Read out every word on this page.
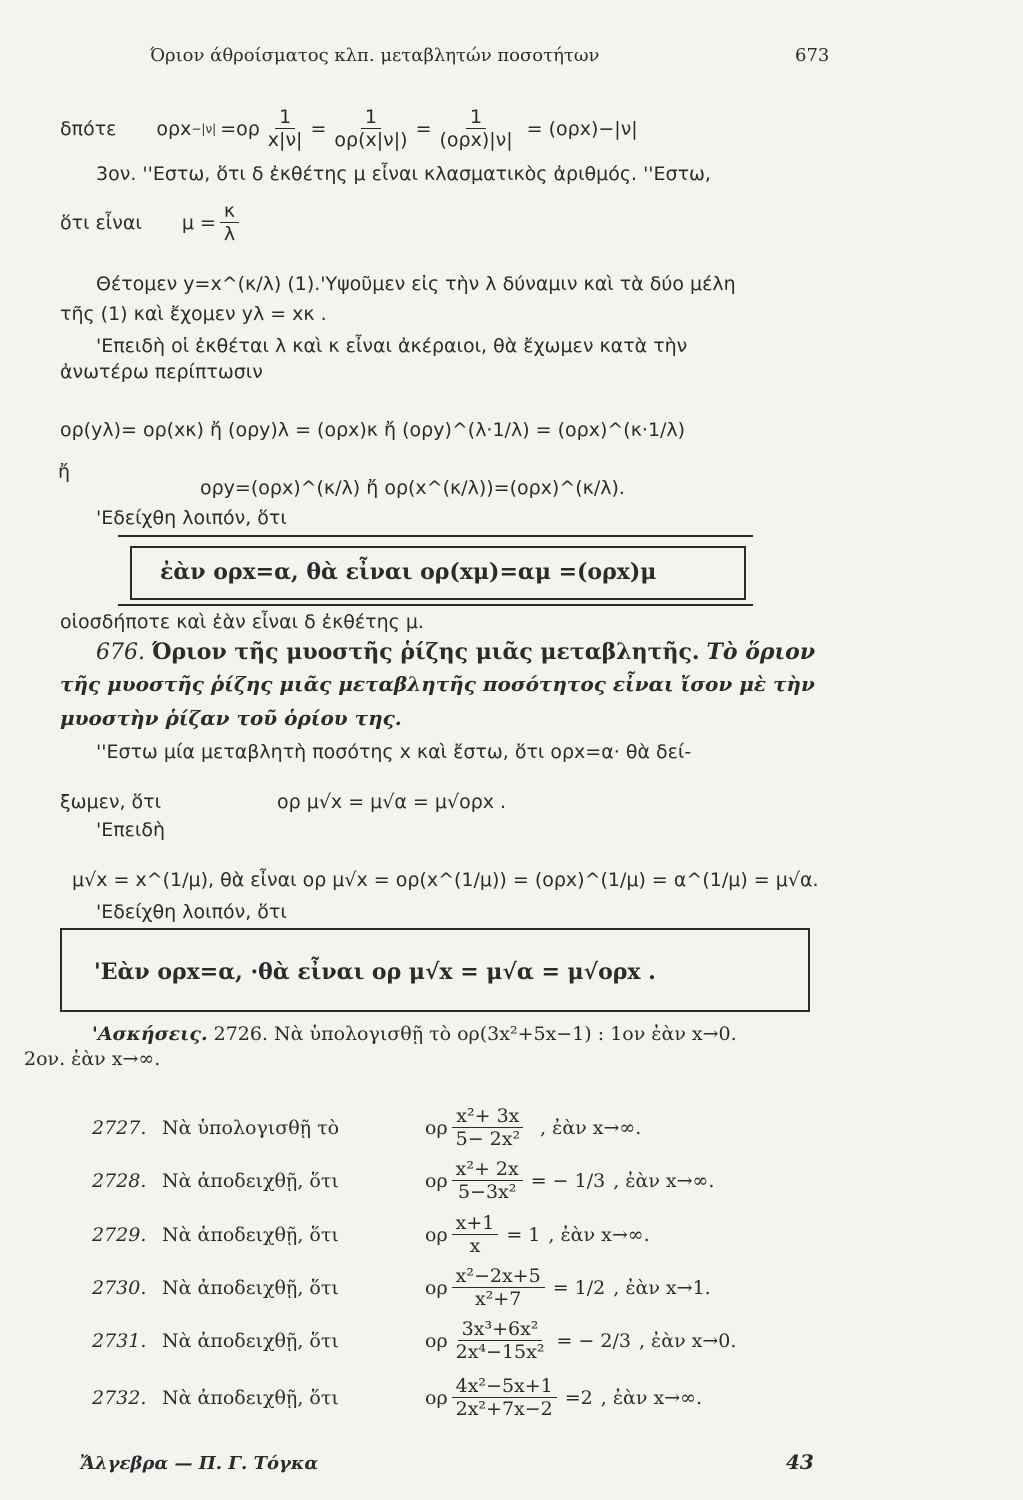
Όριον άθροίσματος κλπ. μεταβλητών ποσοτήτων	673
δπότε $o\rho x -|\nu| =o\rho \frac{1}{x|\nu|} = \frac{1}{o\rho(x|\nu|)} = \frac{1}{\text{(ορx)|ν|}} = (o\rho x)-|\nu|$
3ον. ''Εστω, ὅτι δ ἐκθέτης μ εἶναι κλασματικὸς ἀριθμός. ''Εστω,
ὅτι εἶναι $\mu = \frac{\kappa}{\lambda}$
Θέτομεν y=x^(κ/λ) (1).'Υψοῦμεν εἰς τὴν λ δύναμιν καὶ τὰ δύο μέλη
τῆς (1) καὶ ἔχομεν yλ = xκ .
'Επειδὴ οἱ ἐκθέται λ καὶ κ εἶναι ἀκέραιοι, θὰ ἔχωμεν κατὰ τὴν
ἀνωτέρω περίπτωσιν
ορ(yλ)= ορ(xκ) ἤ (ορy)λ = (ορx)κ ἤ (ορy)^(λ·1/λ) = (ορx)^(κ·1/λ)
ἤ
ορy=(ορx)^(κ/λ) ἤ ορ(x^(κ/λ))=(ορx)^(κ/λ).
'Εδείχθη λοιπόν, ὅτι
ἐὰν ορx=α, θὰ εἶναι ορ(xμ)=αμ =(ορx)μ
οἱοσδήποτε καὶ ἐὰν εἶναι δ ἐκθέτης μ.
676. Όριον τῆς μυοστῆς ῥίζης μιᾶς μεταβλητῆς. Τὸ ὅριον
τῆς μυοστῆς ῥίζης μιᾶς μεταβλητῆς ποσότητος εἶναι ἴσον μὲ τὴν
μυοστὴν ῥίζαν τοῦ ὁρίου της.
''Εστω μία μεταβλητὴ ποσότης x καὶ ἔστω, ὅτι ορx=α· θὰ δεί-
ξωμεν, ὅτι	ορ μ√x = μ√α = μ√ορx .
'Επειδὴ
μ√x = x^(1/μ), θὰ εἶναι ορ μ√x = ορ(x^(1/μ)) = (ορx)^(1/μ) = α^(1/μ) = μ√α.
'Εδείχθη λοιπόν, ὅτι
'Εὰν ορx=α, ·θὰ εἶναι ορ μ√x = μ√α = μ√ορx .
'Ασκήσεις. 2726. Νὰ ὑπολογισθῇ τὸ ορ(3x²+5x−1) : 1ον ἐὰν x→0.
2ον. ἐὰν x→∞.
2727. Νὰ ὑπολογισθῇ τὸ	ορ $\frac{\text{x²+ 3x}}{\text{5− 2x²}}$ , ἐὰν x→∞.
2728. Νὰ ἀποδειχθῇ, ὅτι	ορ $\frac{\text{x²+ 2x}}{\text{5−3x²}}$ = − 1/3 , ἐὰν x→∞.
2729. Νὰ ἀποδειχθῇ, ὅτι	ορ $\frac{x+1}{x} = 1$ , ἐὰν x→∞.
2730. Νὰ ἀποδειχθῇ, ὅτι	ορ $\frac{\text{x²−2x+5}}{\text{x²+7}} = 1/2$ , ἐὰν x→1.
2731. Νὰ ἀποδειχθῇ, ὅτι	ορ $\frac{\text{3x³+6x²}}{\text{2x⁴−15x²}}$ = − 2/3 , ἐὰν x→0.
2732. Νὰ ἀποδειχθῇ, ὅτι	ορ $\frac{\text{4x²−5x+1}}{\text{2x²+7x−2}} =2$ , ἐὰν x→∞.
Ἄλγεβρα — Π. Γ. Τόγκα	43
